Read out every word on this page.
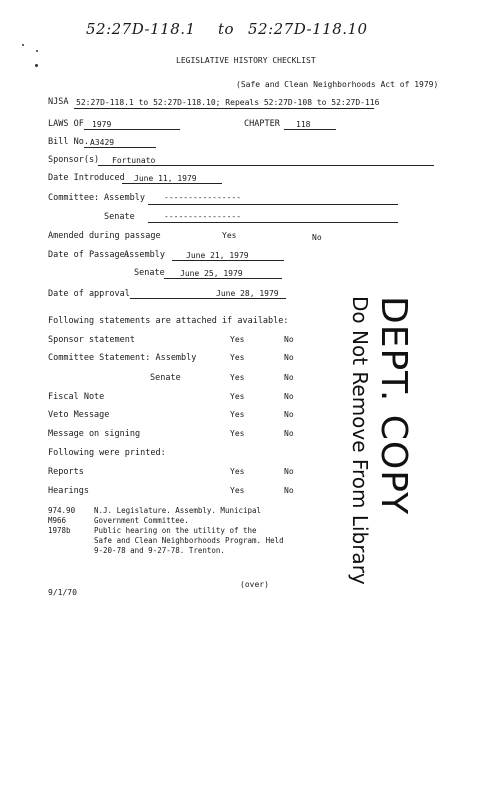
52:27D-118.1 to 52:27D-118.10
LEGISLATIVE HISTORY CHECKLIST
(Safe and Clean Neighborhoods Act of 1979)
NJSA 52:27D-118.1 to 52:27D-118.10; Repeals 52:27D-108 to 52:27D-116
LAWS OF 1979	CHAPTER 118
Bill No. A3429
Sponsor(s) Fortunato
Date Introduced June 11, 1979
Committee: Assembly ----------------
Senate	----------------
Amended during passage	Yes	No
Date of Passage:
Assembly	June 21, 1979
Senate June 25, 1979
Date of approval	June 28, 1979
Following statements are attached if available:
Sponsor statement	Yes	No
Committee Statement: Assembly	Yes	No
Senate	Yes	No
Fiscal Note	Yes	No
Veto Message	Yes	No
Message on signing	Yes	No
Following were printed:
Reports	Yes	No
Hearings	Yes	No
974.90
M966
1978b
N.J. Legislature. Assembly. Municipal
Government Committee.
Public hearing on the utility of the
Safe and Clean Neighborhoods Program. Held
9-20-78 and 9-27-78. Trenton.
(over)
9/1/70
DEPT. COPY
Do Not Remove From Library
